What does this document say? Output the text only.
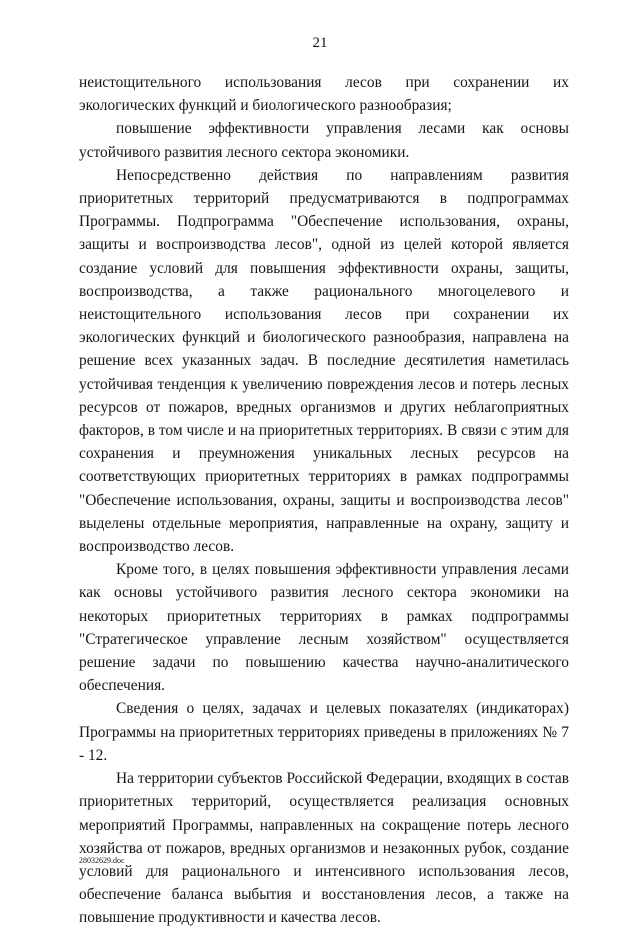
21

неистощительного использования лесов при сохранении их экологических функций и биологического разнообразия;

повышение эффективности управления лесами как основы устойчивого развития лесного сектора экономики.

Непосредственно действия по направлениям развития приоритетных территорий предусматриваются в подпрограммах Программы. Подпрограмма "Обеспечение использования, охраны, защиты и воспроизводства лесов", одной из целей которой является создание условий для повышения эффективности охраны, защиты, воспроизводства, а также рационального многоцелевого и неистощительного использования лесов при сохранении их экологических функций и биологического разнообразия, направлена на решение всех указанных задач. В последние десятилетия наметилась устойчивая тенденция к увеличению повреждения лесов и потерь лесных ресурсов от пожаров, вредных организмов и других неблагоприятных факторов, в том числе и на приоритетных территориях. В связи с этим для сохранения и преумножения уникальных лесных ресурсов на соответствующих приоритетных территориях в рамках подпрограммы "Обеспечение использования, охраны, защиты и воспроизводства лесов" выделены отдельные мероприятия, направленные на охрану, защиту и воспроизводство лесов.

Кроме того, в целях повышения эффективности управления лесами как основы устойчивого развития лесного сектора экономики на некоторых приоритетных территориях в рамках подпрограммы "Стратегическое управление лесным хозяйством" осуществляется решение задачи по повышению качества научно-аналитического обеспечения.

Сведения о целях, задачах и целевых показателях (индикаторах) Программы на приоритетных территориях приведены в приложениях № 7 - 12.

На территории субъектов Российской Федерации, входящих в состав приоритетных территорий, осуществляется реализация основных мероприятий Программы, направленных на сокращение потерь лесного хозяйства от пожаров, вредных организмов и незаконных рубок, создание условий для рационального и интенсивного использования лесов, обеспечение баланса выбытия и восстановления лесов, а также на повышение продуктивности и качества лесов.

28032629.doc
